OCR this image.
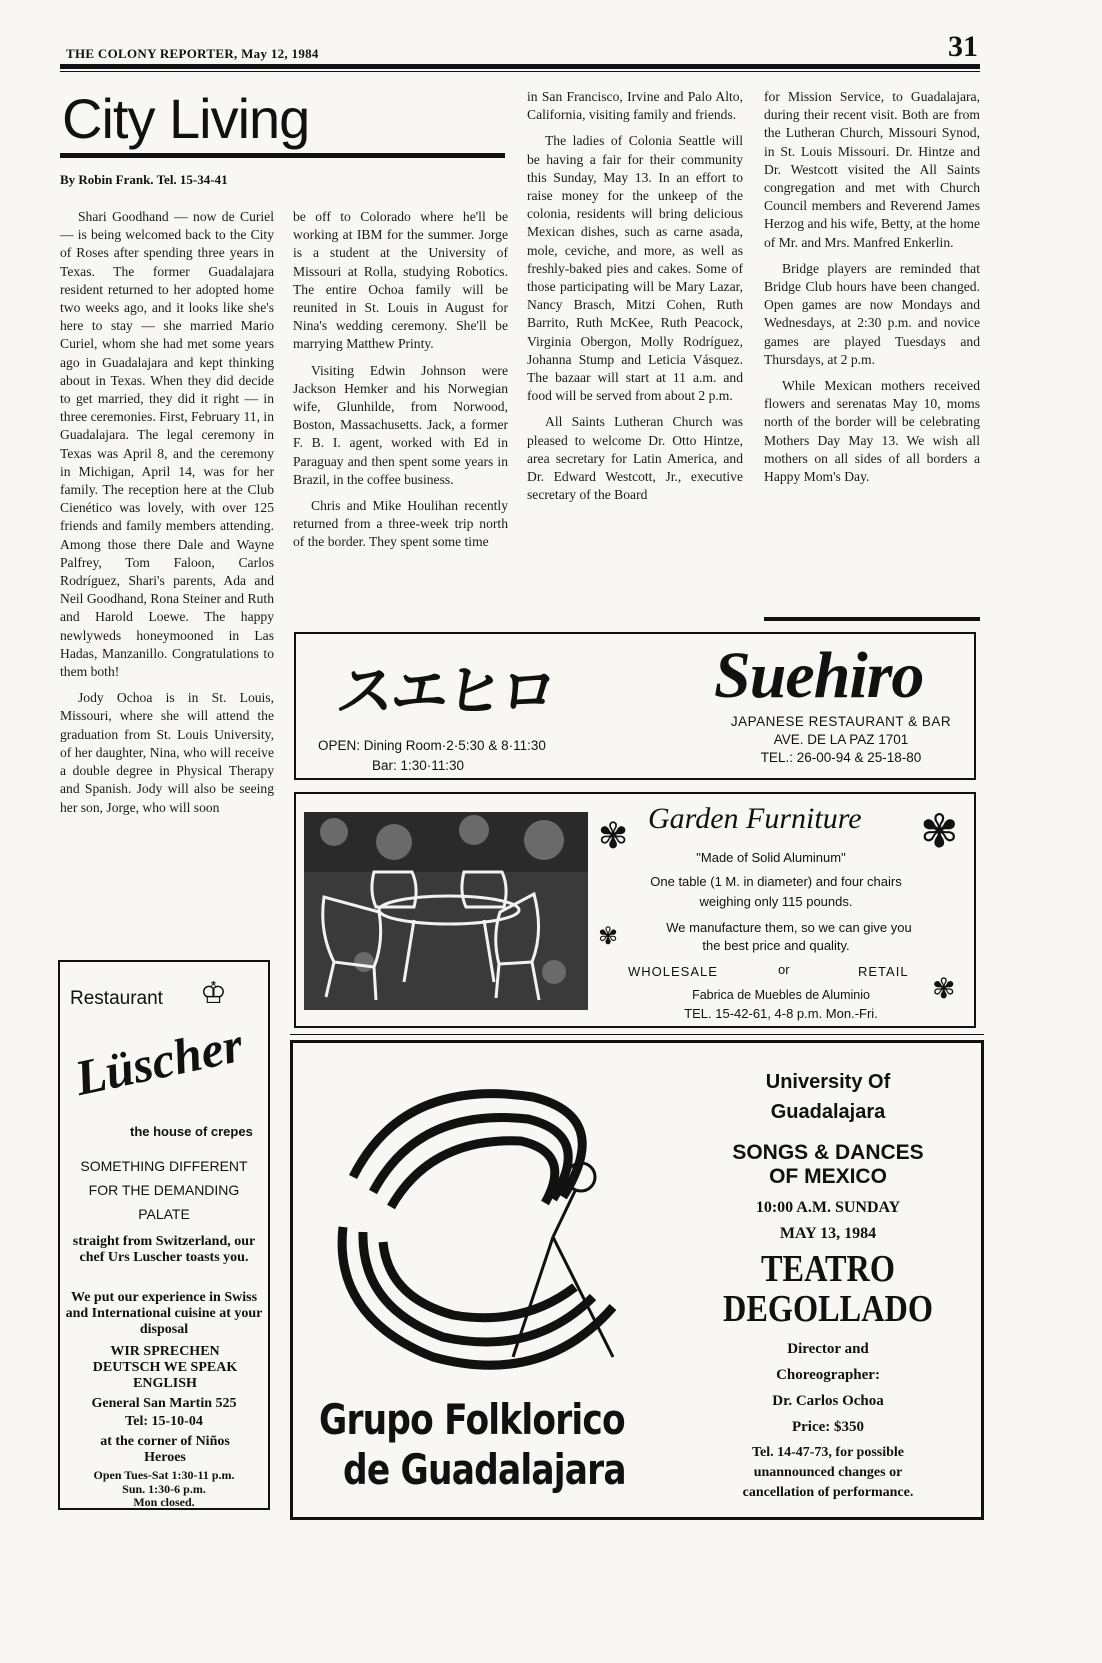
THE COLONY REPORTER, May 12, 1984	31
City Living
By Robin Frank. Tel. 15-34-41

Shari Goodhand — now de Curiel — is being welcomed back to the City of Roses after spending three years in Texas. The former Guadalajara resident returned to her adopted home two weeks ago, and it looks like she's here to stay — she married Mario Curiel, whom she had met some years ago in Guadalajara and kept thinking about in Texas. When they did decide to get married, they did it right — in three ceremonies. First, February 11, in Guadalajara. The legal ceremony in Texas was April 8, and the ceremony in Michigan, April 14, was for her family. The reception here at the Club Cienético was lovely, with over 125 friends and family members attending. Among those there Dale and Wayne Palfrey, Tom Faloon, Carlos Rodríguez, Shari's parents, Ada and Neil Goodhand, Rona Steiner and Ruth and Harold Loewe. The happy newlyweds honeymooned in Las Hadas, Manzanillo. Congratulations to them both!

Jody Ochoa is in St. Louis, Missouri, where she will attend the graduation from St. Louis University, of her daughter, Nina, who will receive a double degree in Physical Therapy and Spanish. Jody will also be seeing her son, Jorge, who will soon

be off to Colorado where he'll be working at IBM for the summer. Jorge is a student at the University of Missouri at Rolla, studying Robotics. The entire Ochoa family will be reunited in St. Louis in August for Nina's wedding ceremony. She'll be marrying Matthew Printy.

Visiting Edwin Johnson were Jackson Hemker and his Norwegian wife, Glunhilde, from Norwood, Boston, Massachusetts. Jack, a former F. B. I. agent, worked with Ed in Paraguay and then spent some years in Brazil, in the coffee business.

Chris and Mike Houlihan recently returned from a three-week trip north of the border. They spent some time

in San Francisco, Irvine and Palo Alto, California, visiting family and friends.

The ladies of Colonia Seattle will be having a fair for their community this Sunday, May 13. In an effort to raise money for the unkeep of the colonia, residents will bring delicious Mexican dishes, such as carne asada, mole, ceviche, and more, as well as freshly-baked pies and cakes. Some of those participating will be Mary Lazar, Nancy Brasch, Mitzi Cohen, Ruth Barrito, Ruth McKee, Ruth Peacock, Virginia Obergon, Molly Rodríguez, Johanna Stump and Leticia Vásquez. The bazaar will start at 11 a.m. and food will be served from about 2 p.m.

All Saints Lutheran Church was pleased to welcome Dr. Otto Hintze, area secretary for Latin America, and Dr. Edward Westcott, Jr., executive secretary of the Board

for Mission Service, to Guadalajara, during their recent visit. Both are from the Lutheran Church, Missouri Synod, in St. Louis Missouri. Dr. Hintze and Dr. Westcott visited the All Saints congregation and met with Church Council members and Reverend James Herzog and his wife, Betty, at the home of Mr. and Mrs. Manfred Enkerlin.

Bridge players are reminded that Bridge Club hours have been changed. Open games are now Mondays and Wednesdays, at 2:30 p.m. and novice games are played Tuesdays and Thursdays, at 2 p.m.

While Mexican mothers received flowers and serenatas May 10, moms north of the border will be celebrating Mothers Day May 13. We wish all mothers on all sides of all borders a Happy Mom's Day.

スエヒロ Suehiro
OPEN: Dining Room·2·5:30 & 8·11:30
Bar: 1:30·11:30
JAPANESE RESTAURANT & BAR
AVE. DE LA PAZ 1701
TEL.: 26-00-94 & 25-18-80
✾	✾
✾
✾
Garden Furniture
"Made of Solid Aluminum"
One table (1 M. in diameter) and four chairs
weighing only 115 pounds.
We manufacture them, so we can give you
the best price and quality.
WHOLESALE	or	RETAIL
Fabrica de Muebles de Aluminio
TEL. 15-42-61, 4-8 p.m. Mon.-Fri.
Restaurant ♔
Lüscher
the house of crepes
SOMETHING DIFFERENT
FOR THE DEMANDING
PALATE
straight from Switzerland, our chef Urs Luscher toasts you.
We put our experience in Swiss and International cuisine at your disposal
WIR SPRECHEN DEUTSCH WE SPEAK ENGLISH
General San Martin 525
Tel: 15-10-04
at the corner of Niños Heroes
Open Tues-Sat 1:30-11 p.m.
Sun. 1:30-6 p.m.
Mon closed.
Grupo Folklorico
de Guadalajara
University Of
Guadalajara
SONGS & DANCES
OF MEXICO
10:00 A.M. SUNDAY
MAY 13, 1984
TEATRO
DEGOLLADO
Director and
Choreographer:
Dr. Carlos Ochoa
Price: $350
Tel. 14-47-73, for possible
unannounced changes or
cancellation of performance.
